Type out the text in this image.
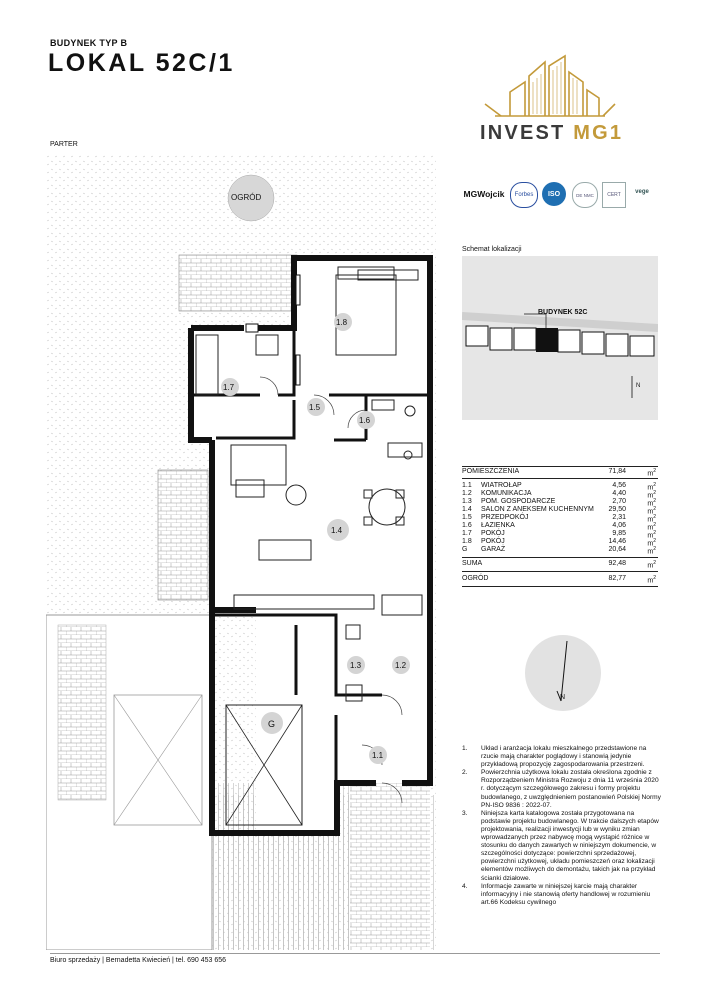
BUDYNEK TYP B
LOKAL 52C/1
PARTER
INVEST MG1
MGWojcik	Forbes	ISO	DE NMC	CERT	vege
OGRÓD
1.1
1.2
1.3
1.4
1.5
1.6
1.7
1.8
G
Schemat lokalizacji
BUDYNEK 52C
N
POMIESZCZENIA	71,84	$m^2$
1.1 WIATROŁAP	4,56	$m^2$
1.2 KOMUNIKACJA	4,40	$m^2$
1.3 POM. GOSPODARCZE	2,70	$m^2$
1.4 SALON Z ANEKSEM KUCHENNYM 29,50	$m^2$
1.5 PRZEDPOKÓJ	2,31	$m^2$
1.6 ŁAZIENKA	4,06	$m^2$
1.7 POKÓJ	9,85	$m^2$
1.8 POKÓJ	14,46	$m^2$
G GARAŻ	20,64	$m^2$
SUMA	92,48	$m^2$
OGRÓD	82,77	$m^2$
N

1. Układ i aranżacja lokalu mieszkalnego przedstawione na rzucie mają charakter poglądowy i stanowią jedynie przykładową propozycję zagospodarowania przestrzeni.

2. Powierzchnia użytkowa lokalu została określona zgodnie z Rozporządzeniem Ministra Rozwoju z dnia 11 września 2020 r. dotyczącym szczegółowego zakresu i formy projektu budowlanego, z uwzględnieniem postanowień Polskiej Normy PN-ISO 9836 : 2022-07.

3. Niniejsza karta katalogowa została przygotowana na podstawie projektu budowlanego. W trakcie dalszych etapów projektowania, realizacji inwestycji lub w wyniku zmian wprowadzanych przez nabywcę mogą wystąpić różnice w stosunku do danych zawartych w niniejszym dokumencie, w szczególności dotyczące: powierzchni sprzedażowej, powierzchni użytkowej, układu pomieszczeń oraz lokalizacji elementów możliwych do demontażu, takich jak na przykład ścianki działowe.

4. Informacje zawarte w niniejszej karcie mają charakter informacyjny i nie stanowią oferty handlowej w rozumieniu art.66 Kodeksu cywilnego

Biuro sprzedaży | Bernadetta Kwiecień | tel. 690 453 656
